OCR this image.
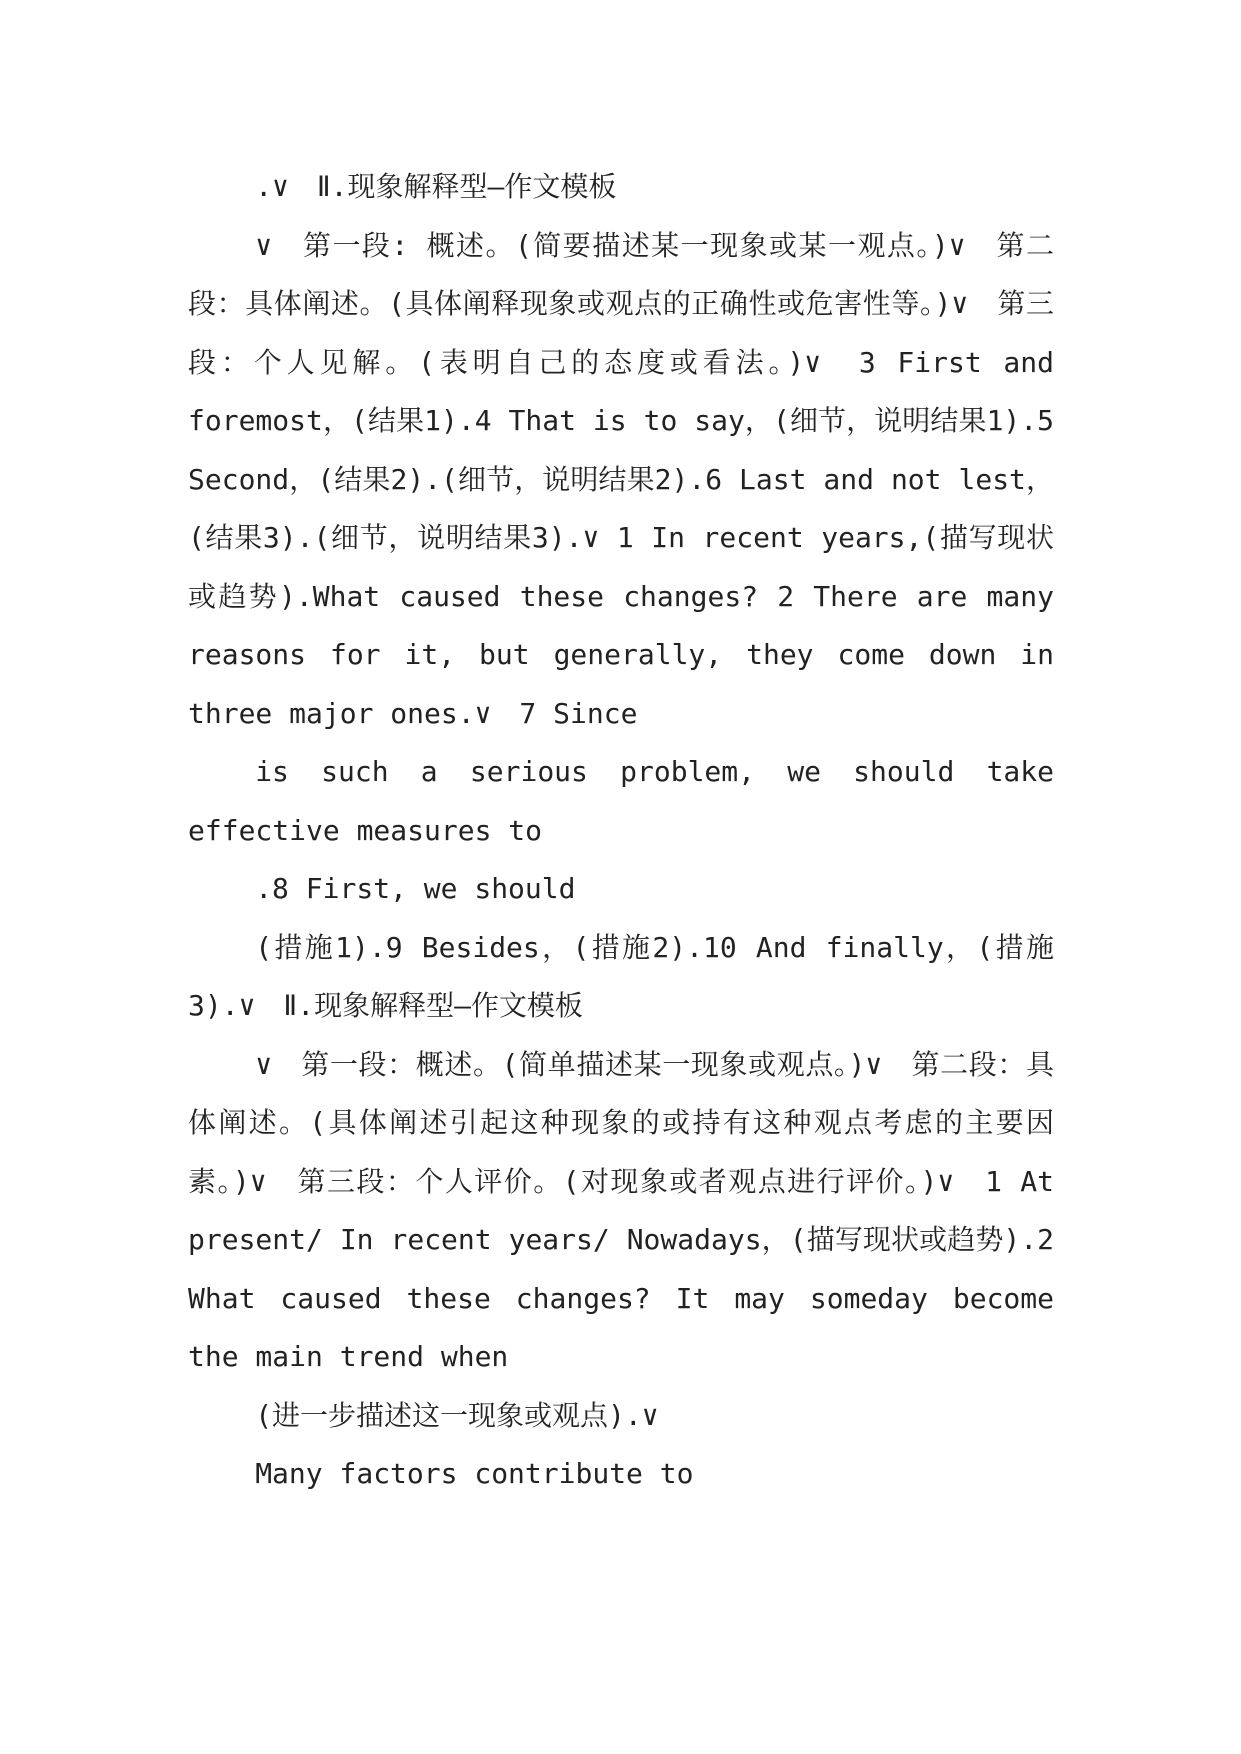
.∨　Ⅱ.现象解释型—作文模板

∨　第一段: 概述。(简要描述某一现象或某一观点。)∨　第二段：具体阐述。(具体阐释现象或观点的正确性或危害性等。)∨　第三段：个人见解。(表明自己的态度或看法。)∨　3 First and foremost，(结果1).4 That is to say，(细节，说明结果1).5 Second，(结果2).(细节，说明结果2).6 Last and not lest，(结果3).(细节，说明结果3).∨ 1 In recent years,(描写现状或趋势).What caused these changes? 2 There are many reasons for it, but generally, they come down in three major ones.∨　7 Since

is such a serious problem, we should take effective measures to

.8 First, we should

(措施1).9 Besides，(措施2).10 And finally，(措施3).∨　Ⅱ.现象解释型—作文模板

∨　第一段：概述。(简单描述某一现象或观点。)∨　第二段：具体阐述。(具体阐述引起这种现象的或持有这种观点考虑的主要因素。)∨　第三段：个人评价。(对现象或者观点进行评价。)∨　1 At present/ In recent years/ Nowadays，(描写现状或趋势).2 What caused these changes? It may someday become the main trend when

(进一步描述这一现象或观点).∨

Many factors contribute to
